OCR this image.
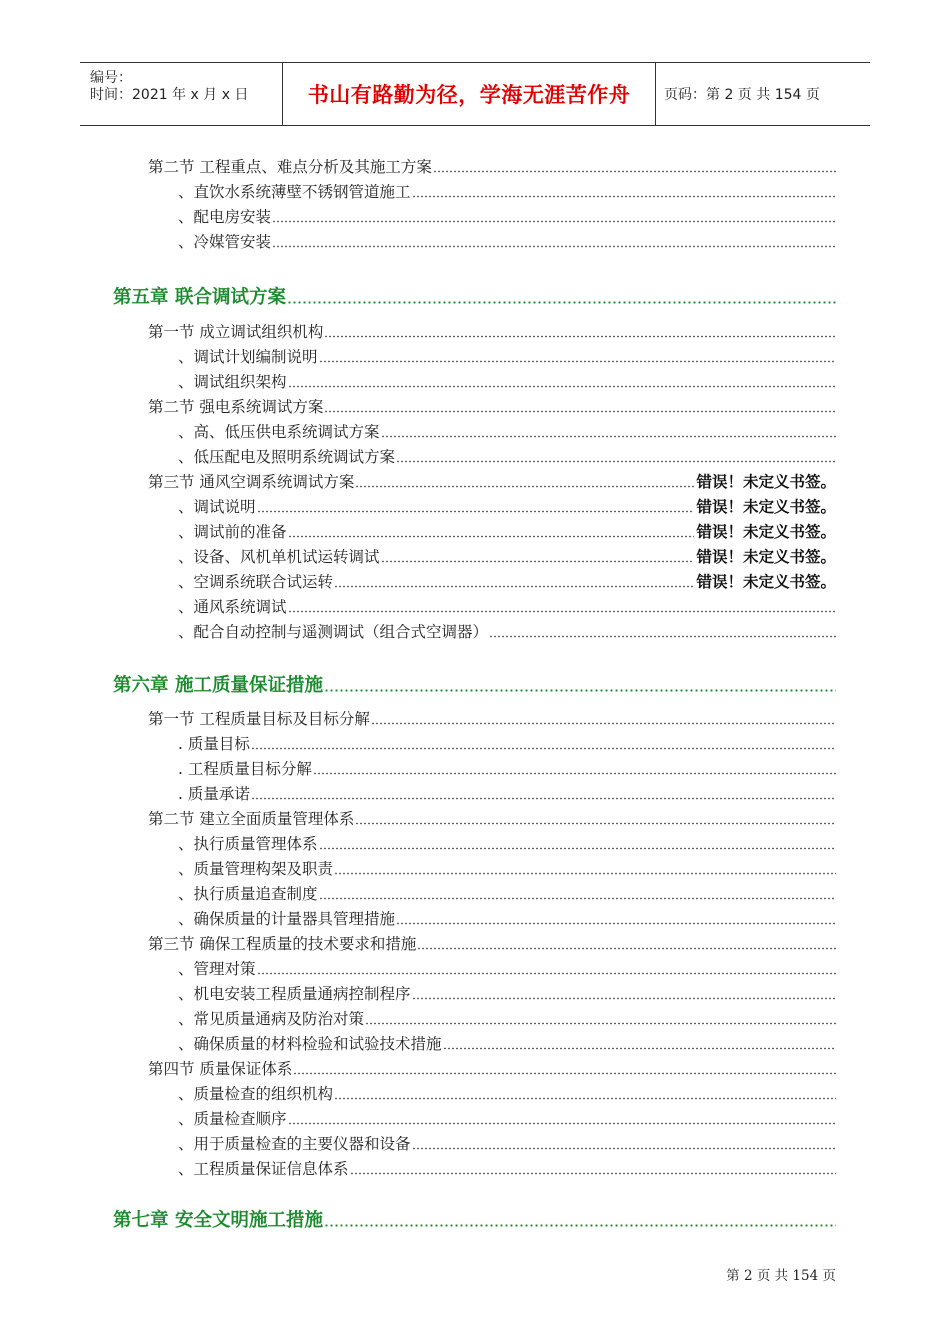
编号：
时间：2021 年 x 月 x 日	书山有路勤为径，学海无涯苦作舟	页码：第 2 页 共 154 页
第二节 工程重点、难点分析及其施工方案
、直饮水系统薄壁不锈钢管道施工
、配电房安装
、冷媒管安装
第五章 联合调试方案
第一节 成立调试组织机构
、调试计划编制说明
、调试组织架构
第二节 强电系统调试方案
、高、低压供电系统调试方案
、低压配电及照明系统调试方案
第三节 通风空调系统调试方案	错误！未定义书签。
、调试说明	错误！未定义书签。
、调试前的准备	错误！未定义书签。
、设备、风机单机试运转调试	错误！未定义书签。
、空调系统联合试运转	错误！未定义书签。
、通风系统调试
、配合自动控制与遥测调试（组合式空调器）
第六章 施工质量保证措施
第一节 工程质量目标及目标分解
. 质量目标
. 工程质量目标分解
. 质量承诺
第二节 建立全面质量管理体系
、执行质量管理体系
、质量管理构架及职责
、执行质量追查制度
、确保质量的计量器具管理措施
第三节 确保工程质量的技术要求和措施
、管理对策
、机电安装工程质量通病控制程序
、常见质量通病及防治对策
、确保质量的材料检验和试验技术措施
第四节 质量保证体系
、质量检查的组织机构
、质量检查顺序
、用于质量检查的主要仪器和设备
、工程质量保证信息体系
第七章 安全文明施工措施
第 2 页 共 154 页
